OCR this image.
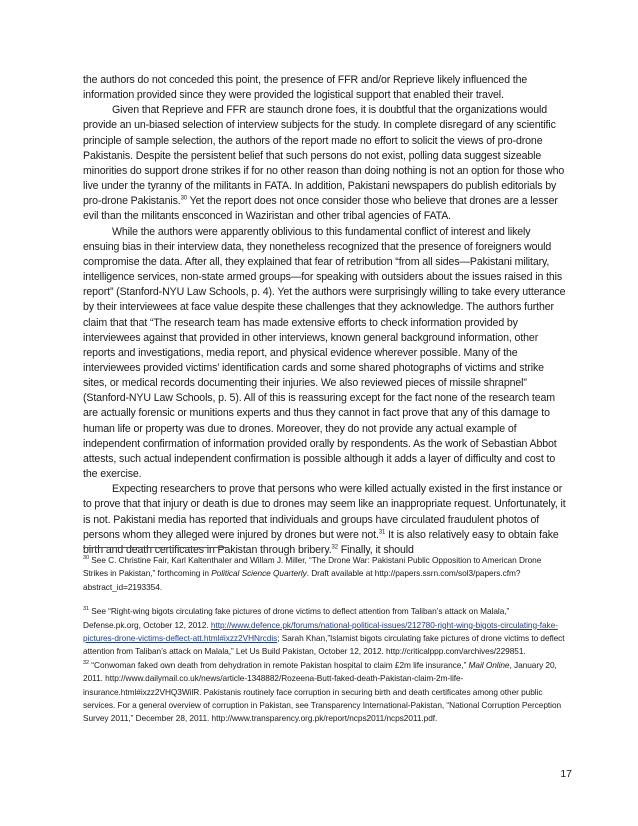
the authors do not conceded this point, the presence of FFR and/or Reprieve likely influenced the information provided since they were provided the logistical support that enabled their travel.

Given that Reprieve and FFR are staunch drone foes, it is doubtful that the organizations would provide an un-biased selection of interview subjects for the study. In complete disregard of any scientific principle of sample selection, the authors of the report made no effort to solicit the views of pro-drone Pakistanis. Despite the persistent belief that such persons do not exist, polling data suggest sizeable minorities do support drone strikes if for no other reason than doing nothing is not an option for those who live under the tyranny of the militants in FATA. In addition, Pakistani newspapers do publish editorials by pro-drone Pakistanis.$^{30}$ Yet the report does not once consider those who believe that drones are a lesser evil than the militants ensconced in Waziristan and other tribal agencies of FATA.

While the authors were apparently oblivious to this fundamental conflict of interest and likely ensuing bias in their interview data, they nonetheless recognized that the presence of foreigners would compromise the data. After all, they explained that fear of retribution “from all sides—Pakistani military, intelligence services, non-state armed groups—for speaking with outsiders about the issues raised in this report” (Stanford-NYU Law Schools, p. 4). Yet the authors were surprisingly willing to take every utterance by their interviewees at face value despite these challenges that they acknowledge. The authors further claim that that “The research team has made extensive efforts to check information provided by interviewees against that provided in other interviews, known general background information, other reports and investigations, media report, and physical evidence wherever possible. Many of the interviewees provided victims’ identification cards and some shared photographs of victims and strike sites, or medical records documenting their injuries. We also reviewed pieces of missile shrapnel” (Stanford-NYU Law Schools, p. 5). All of this is reassuring except for the fact none of the research team are actually forensic or munitions experts and thus they cannot in fact prove that any of this damage to human life or property was due to drones. Moreover, they do not provide any actual example of independent confirmation of information provided orally by respondents. As the work of Sebastian Abbot attests, such actual independent confirmation is possible although it adds a layer of difficulty and cost to the exercise.

Expecting researchers to prove that persons who were killed actually existed in the first instance or to prove that that injury or death is due to drones may seem like an inappropriate request. Unfortunately, it is not. Pakistani media has reported that individuals and groups have circulated fraudulent photos of persons whom they alleged were injured by drones but were not.$^{31}$ It is also relatively easy to obtain fake birth and death certificates in Pakistan through bribery.$^{32}$ Finally, it should

$^{30}$ See C. Christine Fair, Karl Kaltenthaler and Willam J. Miller, “The Drone War: Pakistani Public Opposition to American Drone Strikes in Pakistan,” forthcoming in Political Science Quarterly. Draft available at http://papers.ssrn.com/sol3/papers.cfm?abstract_id=2193354.

$^{31}$ See “Right-wing bigots circulating fake pictures of drone victims to deflect attention from Taliban’s attack on Malala,” Defense.pk.org, October 12, 2012. http://www.defence.pk/forums/national-political-issues/212780-right-wing-bigots-circulating-fake-pictures-drone-victims-deflect-att.html#ixzz2VHNrcdis; Sarah Khan,”Islamist bigots circulating fake pictures of drone victims to deflect attention from Taliban’s attack on Malala,” Let Us Build Pakistan, October 12, 2012. http://criticalppp.com/archives/229851.

$^{32}$ “Conwoman faked own death from dehydration in remote Pakistan hospital to claim £2m life insurance,” Mail Online, January 20, 2011. http://www.dailymail.co.uk/news/article-1348882/Rozeena-Butt-faked-death-Pakistan-claim-2m-life-insurance.html#ixzz2VHQ3WilR. Pakistanis routinely face corruption in securing birth and death certificates among other public services. For a general overview of corruption in Pakistan, see Transparency International-Pakistan, “National Corruption Perception Survey 2011,” December 28, 2011. http://www.transparency.org.pk/report/ncps2011/ncps2011.pdf.

17
